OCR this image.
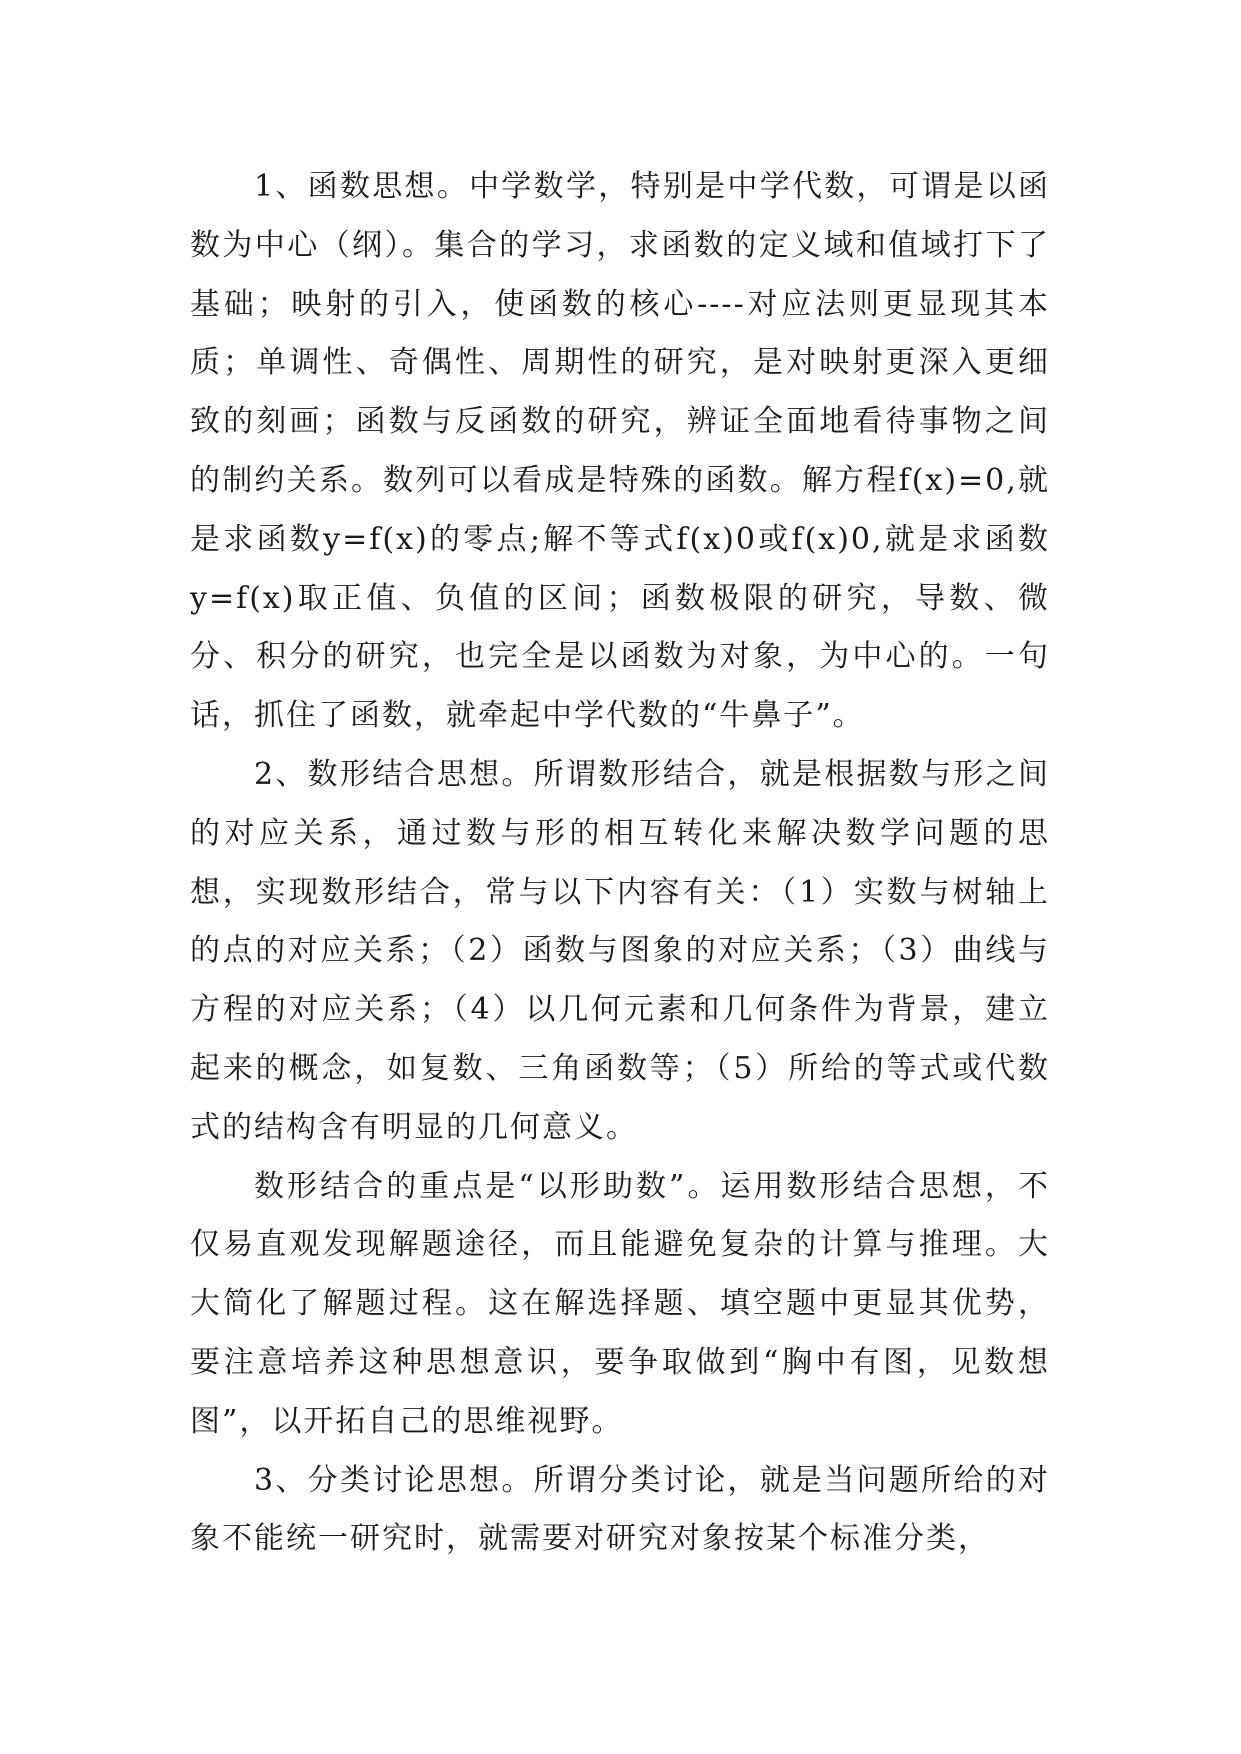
1、函数思想。中学数学，特别是中学代数，可谓是以函数为中心（纲）。集合的学习，求函数的定义域和值域打下了基础；映射的引入，使函数的核心----对应法则更显现其本质；单调性、奇偶性、周期性的研究，是对映射更深入更细致的刻画；函数与反函数的研究，辨证全面地看待事物之间的制约关系。数列可以看成是特殊的函数。解方程f(x)=0,就是求函数y=f(x)的零点;解不等式f(x)0或f(x)0,就是求函数y=f(x)取正值、负值的区间；函数极限的研究，导数、微分、积分的研究，也完全是以函数为对象，为中心的。一句话，抓住了函数，就牵起中学代数的“牛鼻子”。

2、数形结合思想。所谓数形结合，就是根据数与形之间的对应关系，通过数与形的相互转化来解决数学问题的思想，实现数形结合，常与以下内容有关：（1）实数与树轴上的点的对应关系；（2）函数与图象的对应关系；（3）曲线与方程的对应关系；（4）以几何元素和几何条件为背景，建立起来的概念，如复数、三角函数等；（5）所给的等式或代数式的结构含有明显的几何意义。

数形结合的重点是“以形助数”。运用数形结合思想，不仅易直观发现解题途径，而且能避免复杂的计算与推理。大大简化了解题过程。这在解选择题、填空题中更显其优势，要注意培养这种思想意识，要争取做到“胸中有图，见数想图”，以开拓自己的思维视野。

3、分类讨论思想。所谓分类讨论，就是当问题所给的对象不能统一研究时，就需要对研究对象按某个标准分类，
